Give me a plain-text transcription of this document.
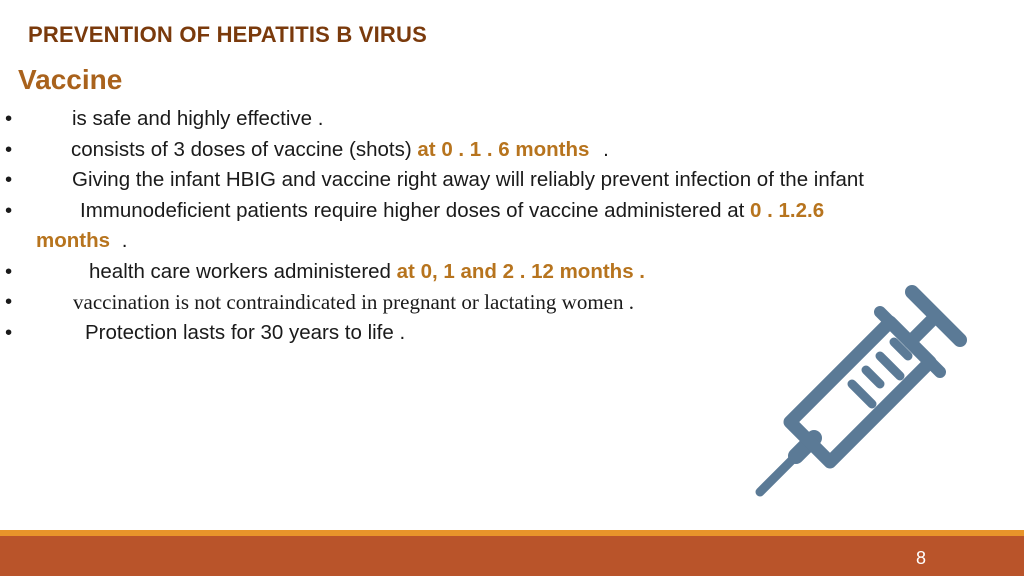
PREVENTION OF HEPATITIS B VIRUS
Vaccine
•	is safe and highly effective .
•	consists of 3 doses of vaccine (shots) at 0 . 1 . 6 months .
•	Giving the infant HBIG and vaccine right away will reliably prevent infection of the infant
•	Immunodeficient patients require higher doses of vaccine administered at 0 . 1.2.6
months .
•	health care workers administered at 0, 1 and 2 . 12 months .
•	vaccination is not contraindicated in pregnant or lactating women .
•	Protection lasts for 30 years to life .
8
